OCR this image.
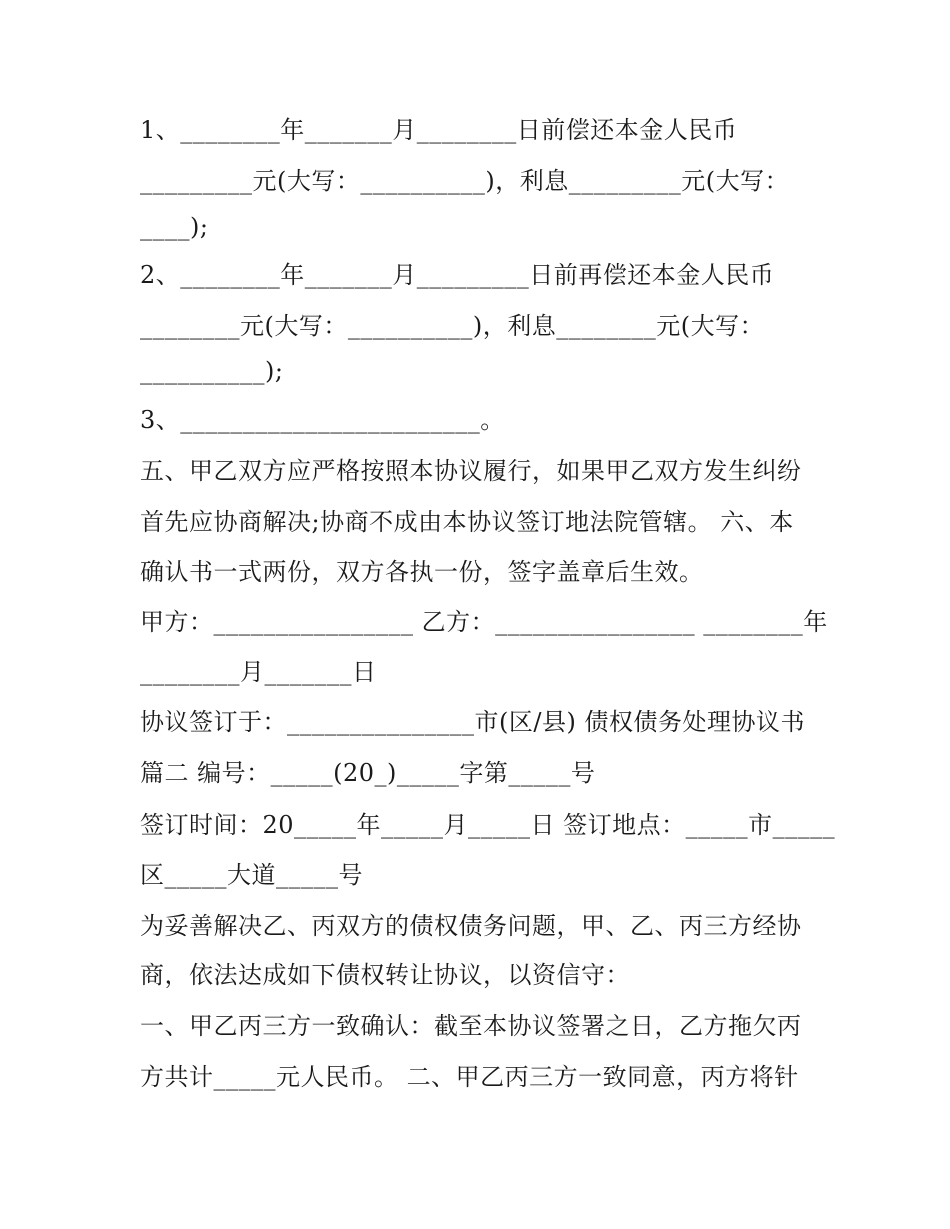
1、________年_______月________日前偿还本金人民币
_________元(大写：__________)，利息_________元(大写：
____);
2、________年_______月_________日前再偿还本金人民币
________元(大写：__________)，利息________元(大写：
__________);
3、________________________。
五、甲乙双方应严格按照本协议履行，如果甲乙双方发生纠纷
首先应协商解决;协商不成由本协议签订地法院管辖。 六、本
确认书一式两份，双方各执一份，签字盖章后生效。
甲方：________________ 乙方：________________ ________年
________月_______日
协议签订于：_______________市(区/县) 债权债务处理协议书
篇二 编号：_____(20_)_____字第_____号
签订时间：20_____年_____月_____日 签订地点：_____市_____
区_____大道_____号
为妥善解决乙、丙双方的债权债务问题，甲、乙、丙三方经协
商，依法达成如下债权转让协议，以资信守：
一、甲乙丙三方一致确认：截至本协议签署之日，乙方拖欠丙
方共计_____元人民币。 二、甲乙丙三方一致同意，丙方将针
